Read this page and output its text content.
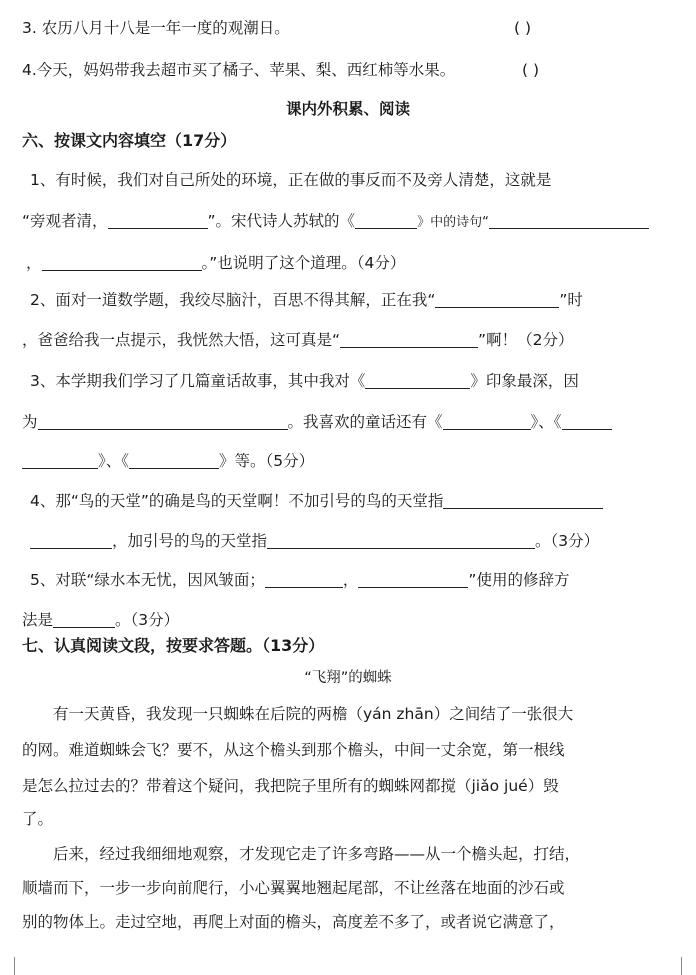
3. 农历八月十八是一年一度的观潮日。	( )
4.今天，妈妈带我去超市买了橘子、苹果、梨、西红柿等水果。	( )
课内外积累、阅读
六、按课文内容填空（17分）
1、有时候，我们对自己所处的环境，正在做的事反而不及旁人清楚，这就是
“旁观者清，	”。宋代诗人苏轼的《	》中的诗句“
，	。”也说明了这个道理。（4分）
2、面对一道数学题，我绞尽脑汁，百思不得其解，正在我“	”时
，爸爸给我一点提示，我恍然大悟，这可真是“	”啊！（2分）
3、本学期我们学习了几篇童话故事，其中我对《	》印象最深，因
为	。我喜欢的童话还有《	》、《
》、《	》等。（5分）
4、那“鸟的天堂”的确是鸟的天堂啊！不加引号的鸟的天堂指
，加引号的鸟的天堂指	。（3分）
5、对联“绿水本无忧，因风皱面；	，	”使用的修辞方
法是	。（3分）
七、认真阅读文段，按要求答题。（13分）
“飞翔”的蜘蛛
有一天黄昏，我发现一只蜘蛛在后院的两檐（yán zhān）之间结了一张很大
的网。难道蜘蛛会飞？要不，从这个檐头到那个檐头，中间一丈余宽，第一根线
是怎么拉过去的？带着这个疑问，我把院子里所有的蜘蛛网都搅（jiǎo jué）毁
了。
后来，经过我细细地观察，才发现它走了许多弯路——从一个檐头起，打结，
顺墙而下，一步一步向前爬行，小心翼翼地翘起尾部，不让丝落在地面的沙石或
别的物体上。走过空地，再爬上对面的檐头，高度差不多了，或者说它满意了，
